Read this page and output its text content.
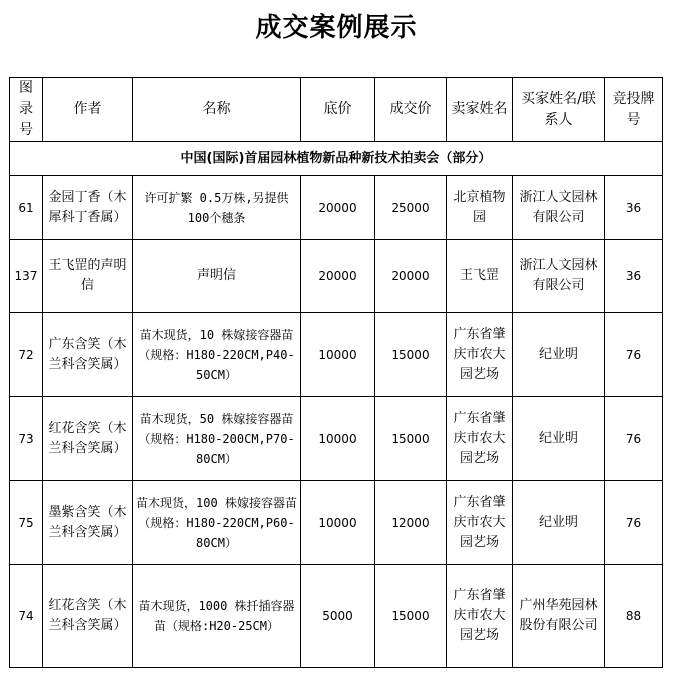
成交案例展示
图录号	作者	名称	底价	成交价	卖家姓名	买家姓名/联系人	竞投牌号
中国(国际)首届园林植物新品种新技术拍卖会（部分）							
61	金园丁香（木犀科丁香属）	许可扩繁 0.5万株,另提供 100个穗条	20000	25000	北京植物园	浙江人文园林有限公司	36
137	王飞罡的声明信	声明信	20000	20000	王飞罡	浙江人文园林有限公司	36
72	广东含笑（木兰科含笑属）	苗木现货，10 株嫁接容器苗（规格：H180-220CM,P40-50CM）	10000	15000	广东省肇庆市农大园艺场	纪业明	76
73	红花含笑（木兰科含笑属）	苗木现货，50 株嫁接容器苗（规格：H180-200CM,P70-80CM）	10000	15000	广东省肇庆市农大园艺场	纪业明	76
75	墨紫含笑（木兰科含笑属）	苗木现货，100 株嫁接容器苗（规格：H180-220CM,P60-80CM）	10000	12000	广东省肇庆市农大园艺场	纪业明	76
74	红花含笑（木兰科含笑属）	苗木现货，1000 株扦插容器苗（规格:H20-25CM）	5000	15000	广东省肇庆市农大园艺场	广州华苑园林股份有限公司	88
